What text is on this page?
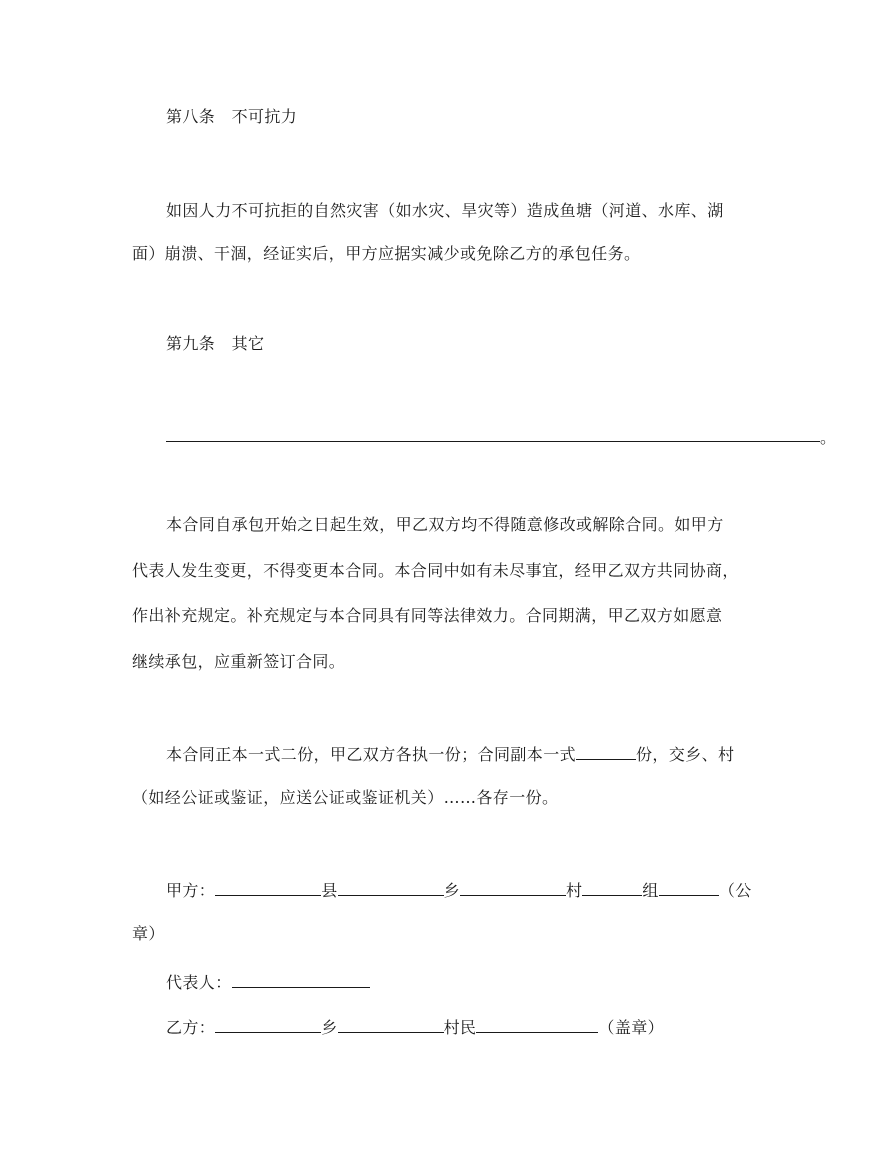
第八条　不可抗力
如因人力不可抗拒的自然灾害（如水灾、旱灾等）造成鱼塘（河道、水库、湖
面）崩溃、干涸，经证实后，甲方应据实减少或免除乙方的承包任务。
第九条　其它
。
本合同自承包开始之日起生效，甲乙双方均不得随意修改或解除合同。如甲方
代表人发生变更，不得变更本合同。本合同中如有未尽事宜，经甲乙双方共同协商，
作出补充规定。补充规定与本合同具有同等法律效力。合同期满，甲乙双方如愿意
继续承包，应重新签订合同。
本合同正本一式二份，甲乙双方各执一份；合同副本一式	份，交乡、村
（如经公证或鉴证，应送公证或鉴证机关）……各存一份。
甲方：	县	乡	村	组	（公
章）
代表人：
乙方：	乡	村民	（盖章）
